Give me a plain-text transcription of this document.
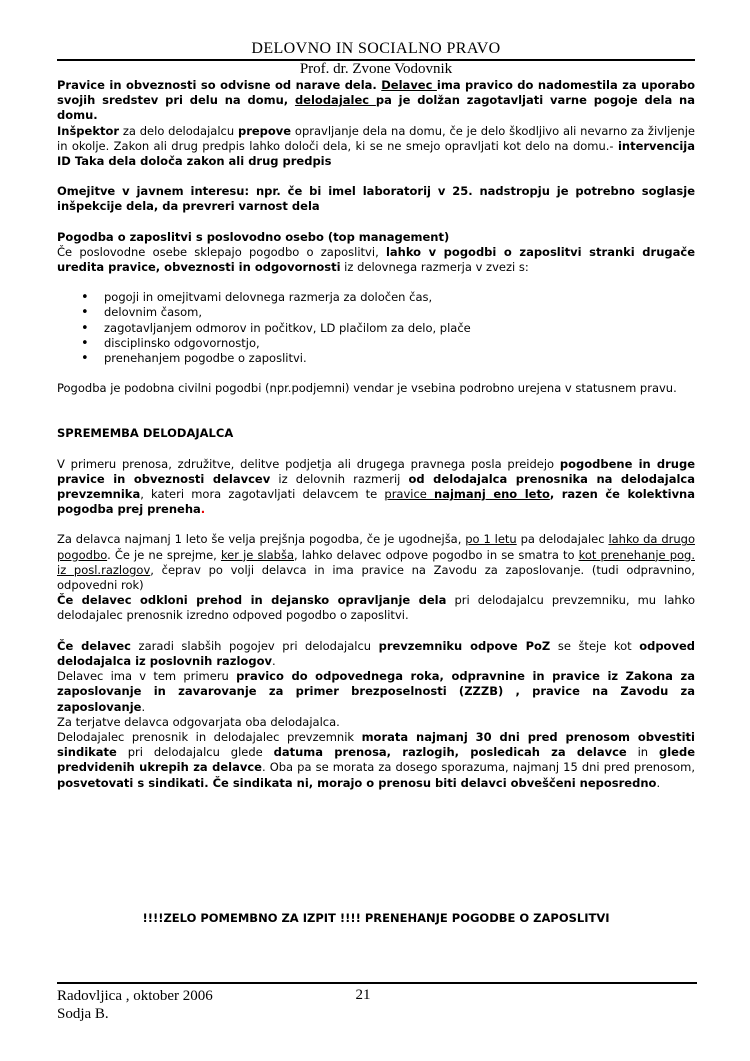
DELOVNO IN SOCIALNO PRAVO
Prof. dr. Zvone Vodovnik

Pravice in obveznosti so odvisne od narave dela. Delavec ima pravico do nadomestila za uporabo svojih sredstev pri delu na domu, delodajalec pa je dolžan zagotavljati varne pogoje dela na domu.

Inšpektor za delo delodajalcu prepove opravljanje dela na domu, če je delo škodljivo ali nevarno za življenje in okolje. Zakon ali drug predpis lahko določi dela, ki se ne smejo opravljati kot delo na domu.- intervencija ID Taka dela določa zakon ali drug predpis

Omejitve v javnem interesu: npr. če bi imel laboratorij v 25. nadstropju je potrebno soglasje inšpekcije dela, da prevreri varnost dela

Pogodba o zaposlitvi s poslovodno osebo (top management)

Če poslovodne osebe sklepajo pogodbo o zaposlitvi, lahko v pogodbi o zaposlitvi stranki drugače uredita pravice, obveznosti in odgovornosti iz delovnega razmerja v zvezi s:

• pogoji in omejitvami delovnega razmerja za določen čas,
• delovnim časom,
• zagotavljanjem odmorov in počitkov, LD plačilom za delo, plače
• disciplinsko odgovornostjo,
• prenehanjem pogodbe o zaposlitvi.

Pogodba je podobna civilni pogodbi (npr.podjemni) vendar je vsebina podrobno urejena v statusnem pravu.

SPREMEMBA DELODAJALCA

V primeru prenosa, združitve, delitve podjetja ali drugega pravnega posla preidejo pogodbene in druge pravice in obveznosti delavcev iz delovnih razmerij od delodajalca prenosnika na delodajalca prevzemnika, kateri mora zagotavljati delavcem te pravice najmanj eno leto, razen če kolektivna pogodba prej preneha.

Za delavca najmanj 1 leto še velja prejšnja pogodba, če je ugodnejša, po 1 letu pa delodajalec lahko da drugo pogodbo. Če je ne sprejme, ker je slabša, lahko delavec odpove pogodbo in se smatra to kot prenehanje pog. iz posl.razlogov, čeprav po volji delavca in ima pravice na Zavodu za zaposlovanje. (tudi odpravnino, odpovedni rok)

Če delavec odkloni prehod in dejansko opravljanje dela pri delodajalcu prevzemniku, mu lahko delodajalec prenosnik izredno odpoved pogodbo o zaposlitvi.

Če delavec zaradi slabših pogojev pri delodajalcu prevzemniku odpove PoZ se šteje kot odpoved delodajalca iz poslovnih razlogov.

Delavec ima v tem primeru pravico do odpovednega roka, odpravnine in pravice iz Zakona za zaposlovanje in zavarovanje za primer brezposelnosti (ZZZB) , pravice na Zavodu za zaposlovanje.

Za terjatve delavca odgovarjata oba delodajalca.

Delodajalec prenosnik in delodajalec prevzemnik morata najmanj 30 dni pred prenosom obvestiti sindikate pri delodajalcu glede datuma prenosa, razlogih, posledicah za delavce in glede predvidenih ukrepih za delavce. Oba pa se morata za dosego sporazuma, najmanj 15 dni pred prenosom, posvetovati s sindikati. Če sindikata ni, morajo o prenosu biti delavci obveščeni neposredno.

!!!!ZELO POMEMBNO ZA IZPIT !!!! PRENEHANJE POGODBE O ZAPOSLITVI

Radovljica , oktober 2006	21
Sodja B.
